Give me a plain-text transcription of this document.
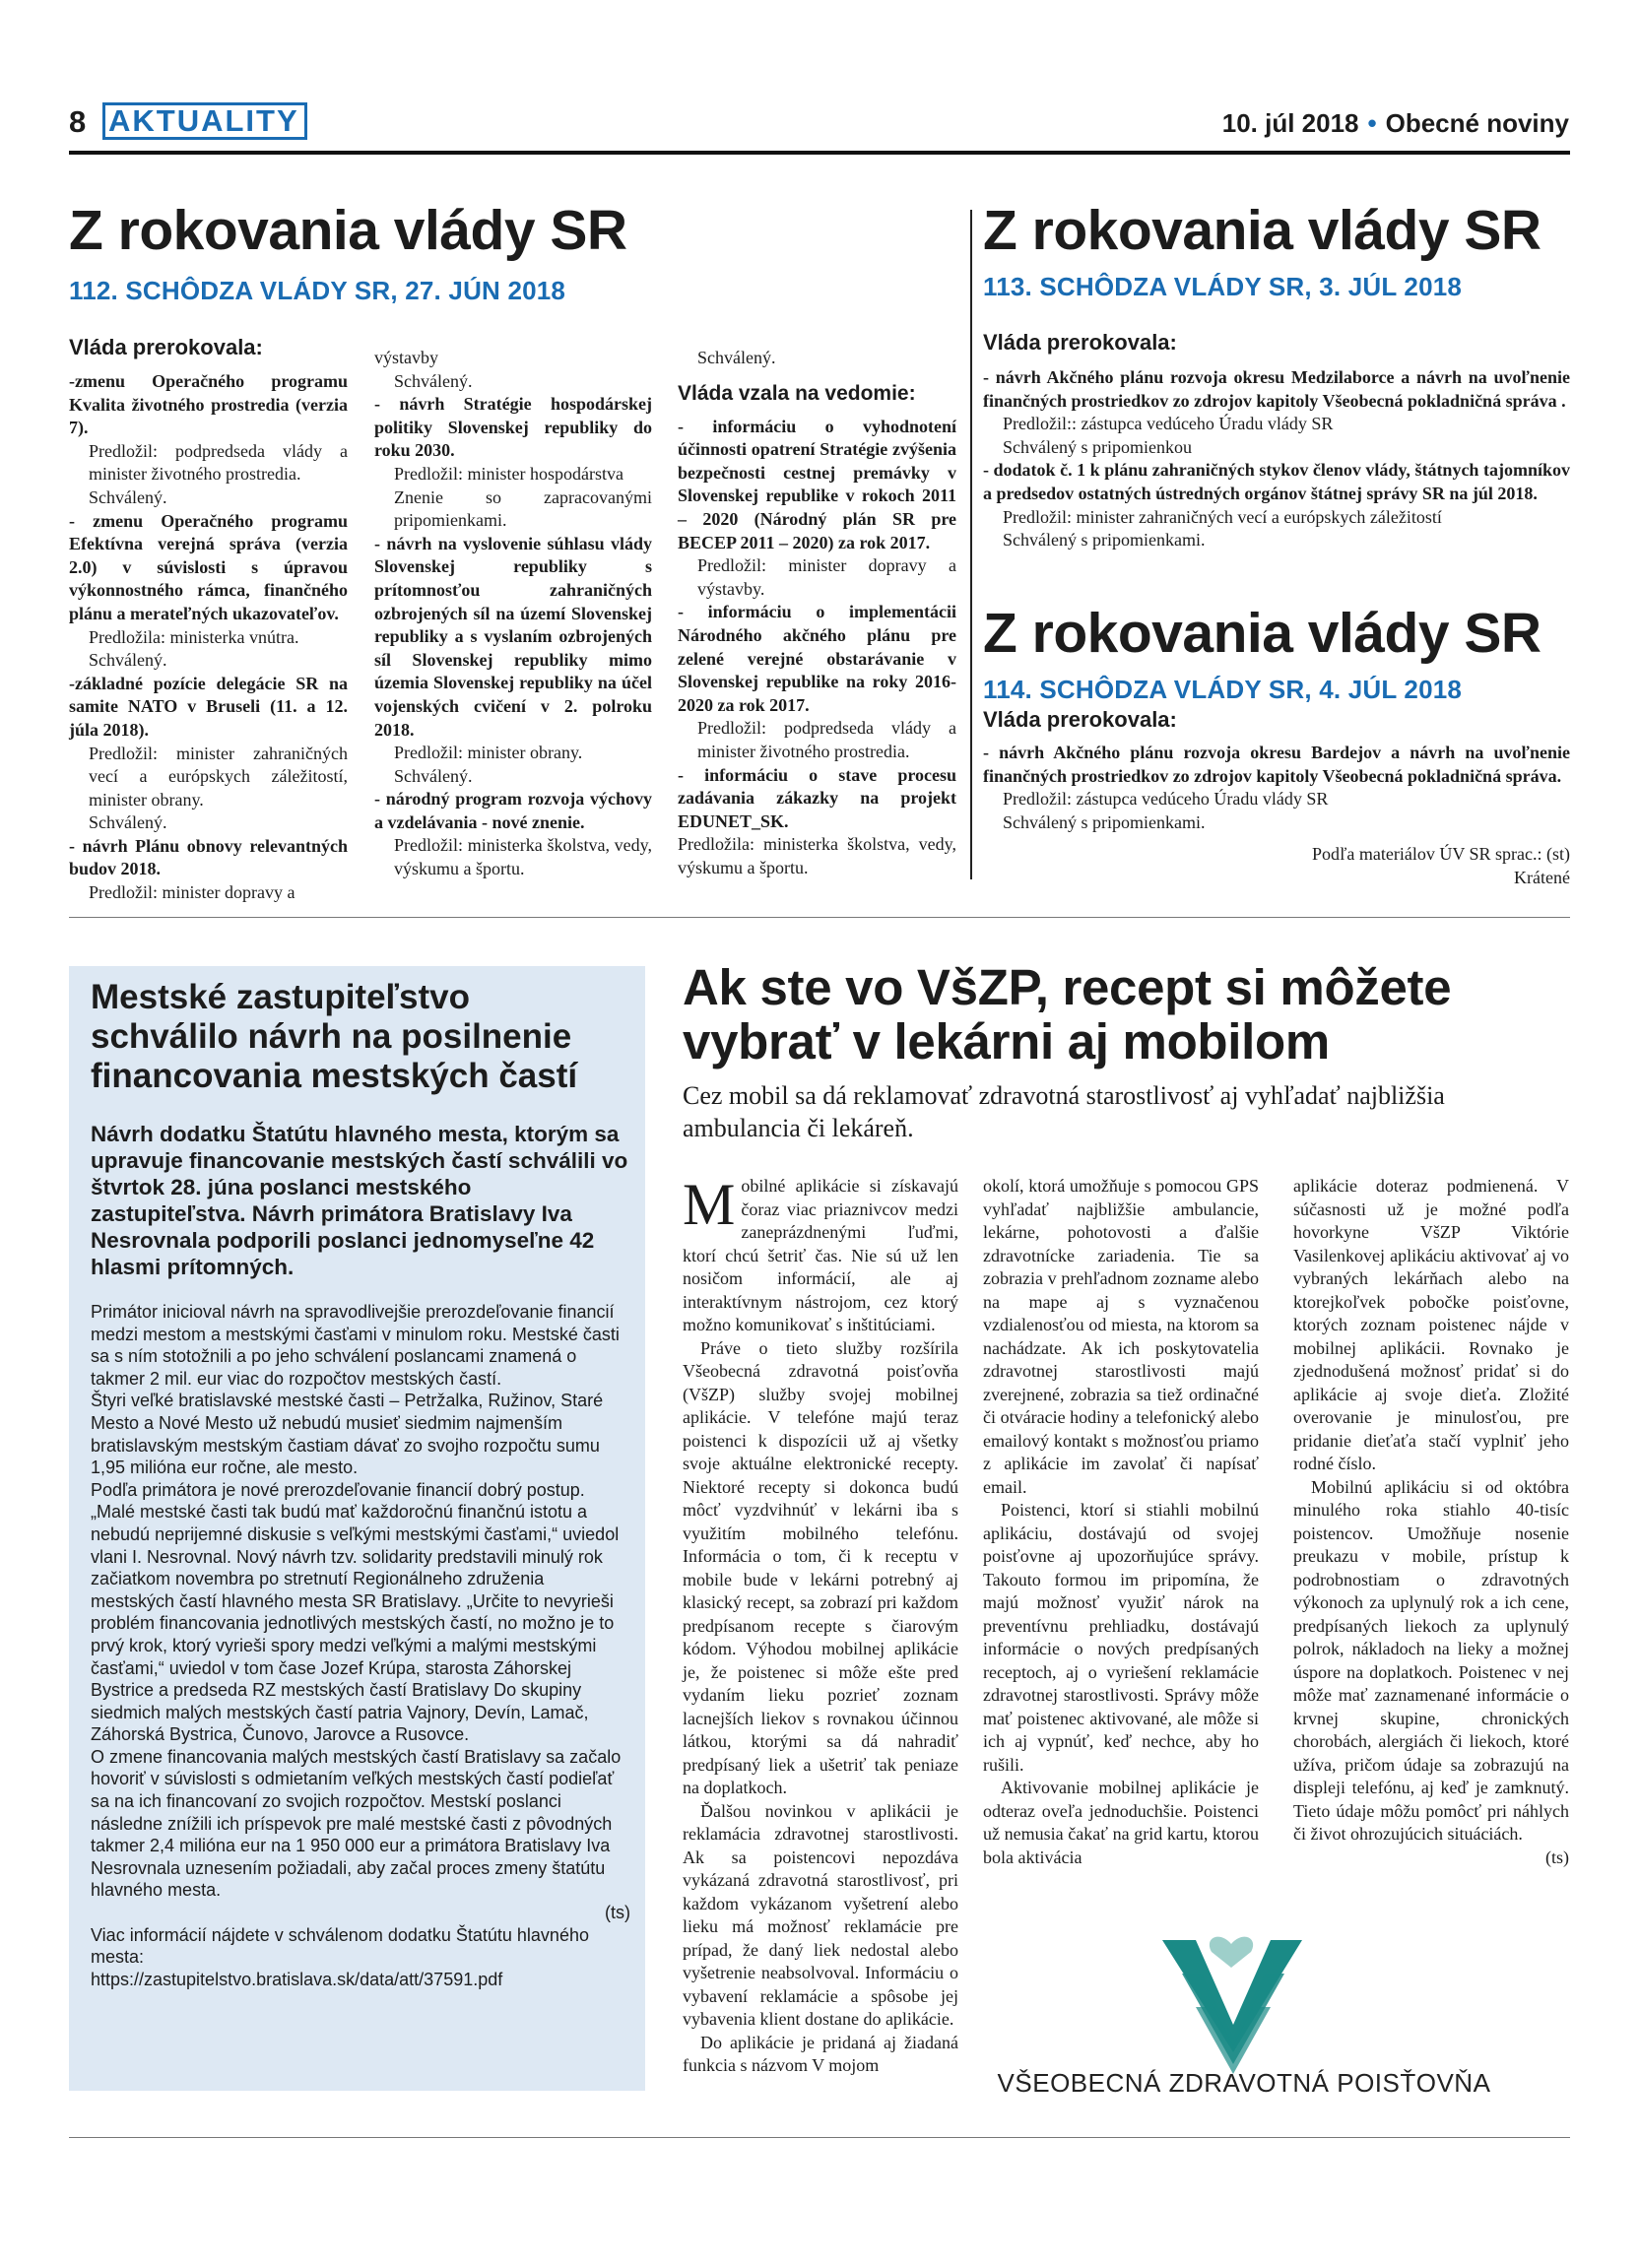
8 AKTUALITY	10. júl 2018 • Obecné noviny
Z rokovania vlády SR
112. SCHÔDZA VLÁDY SR, 27. JÚN 2018
Vláda prerokovala:

-zmenu Operačného programu Kvalita životného prostredia (verzia 7).

Predložil: podpredseda vlády a minister životného prostredia.

Schválený.

- zmenu Operačného programu Efektívna verejná správa (verzia 2.0) v súvislosti s úpravou výkonnostného rámca, finančného plánu a merateľných ukazovateľov.

Predložila: ministerka vnútra.

Schválený.

-základné pozície delegácie SR na samite NATO v Bruseli (11. a 12. júla 2018).

Predložil: minister zahraničných vecí a európskych záležitostí, minister obrany.

Schválený.

- návrh Plánu obnovy relevantných budov 2018.

Predložil: minister dopravy a

výstavby

Schválený.

- návrh Stratégie hospodárskej politiky Slovenskej republiky do roku 2030.

Predložil: minister hospodárstva

Znenie so zapracovanými pripomienkami.

- návrh na vyslovenie súhlasu vlády Slovenskej republiky s prítomnosťou zahraničných ozbrojených síl na území Slovenskej republiky a s vyslaním ozbrojených síl Slovenskej republiky mimo územia Slovenskej republiky na účel vojenských cvičení v 2. polroku 2018.

Predložil: minister obrany.

Schválený.

- národný program rozvoja výchovy a vzdelávania - nové znenie.

Predložil: ministerka školstva, vedy, výskumu a športu.

Schválený.

Vláda vzala na vedomie:

- informáciu o vyhodnotení účinnosti opatrení Stratégie zvýšenia bezpečnosti cestnej premávky v Slovenskej republike v rokoch 2011 – 2020 (Národný plán SR pre BECEP 2011 – 2020) za rok 2017.

Predložil: minister dopravy a výstavby.

- informáciu o implementácii Národného akčného plánu pre zelené verejné obstarávanie v Slovenskej republike na roky 2016-2020 za rok 2017.

Predložil: podpredseda vlády a minister životného prostredia.

- informáciu o stave procesu zadávania zákazky na projekt EDUNET_SK.

Predložila: ministerka školstva, vedy, výskumu a športu.

Z rokovania vlády SR
113. SCHÔDZA VLÁDY SR, 3. JÚL 2018
Vláda prerokovala:

- návrh Akčného plánu rozvoja okresu Medzilaborce a návrh na uvoľnenie finančných prostriedkov zo zdrojov kapitoly Všeobecná pokladničná správa .

Predložil:: zástupca vedúceho Úradu vlády SR

Schválený s pripomienkou

- dodatok č. 1 k plánu zahraničných stykov členov vlády, štátnych tajomníkov a predsedov ostatných ústredných orgánov štátnej správy SR na júl 2018.

Predložil: minister zahraničných vecí a európskych záležitostí

Schválený s pripomienkami.

Z rokovania vlády SR
114. SCHÔDZA VLÁDY SR, 4. JÚL 2018
Vláda prerokovala:

- návrh Akčného plánu rozvoja okresu Bardejov a návrh na uvoľnenie finančných prostriedkov zo zdrojov kapitoly Všeobecná pokladničná správa.

Predložil: zástupca vedúceho Úradu vlády SR

Schválený s pripomienkami.

Podľa materiálov ÚV SR sprac.: (st)
Krátené
Mestské zastupiteľstvo schválilo návrh na posilnenie financovania mestských častí
Návrh dodatku Štatútu hlavného mesta, ktorým sa upravuje financovanie mestských častí schválili vo štvrtok 28. júna poslanci mestského zastupiteľstva. Návrh primátora Bratislavy Iva Nesrovnala podporili poslanci jednomyseľne 42 hlasmi prítomných.

Primátor inicioval návrh na spravodlivejšie prerozdeľovanie financií medzi mestom a mestskými časťami v minulom roku. Mestské časti sa s ním stotožnili a po jeho schválení poslancami znamená o takmer 2 mil. eur viac do rozpočtov mestských častí.

Štyri veľké bratislavské mestské časti – Petržalka, Ružinov, Staré Mesto a Nové Mesto už nebudú musieť siedmim najmenším bratislavským mestským častiam dávať zo svojho rozpočtu sumu 1,95 milióna eur ročne, ale mesto.

Podľa primátora je nové prerozdeľovanie financií dobrý postup. „Malé mestské časti tak budú mať každoročnú finančnú istotu a nebudú neprijemné diskusie s veľkými mestskými časťami,“ uviedol vlani I. Nesrovnal. Nový návrh tzv. solidarity predstavili minulý rok začiatkom novembra po stretnutí Regionálneho združenia mestských častí hlavného mesta SR Bratislavy. „Určite to nevyrieši problém financovania jednotlivých mestských častí, no možno je to prvý krok, ktorý vyrieši spory medzi veľkými a malými mestskými časťami,“ uviedol v tom čase Jozef Krúpa, starosta Záhorskej Bystrice a predseda RZ mestských častí Bratislavy Do skupiny siedmich malých mestských častí patria Vajnory, Devín, Lamač, Záhorská Bystrica, Čunovo, Jarovce a Rusovce.

O zmene financovania malých mestských častí Bratislavy sa začalo hovoriť v súvislosti s odmietaním veľkých mestských častí podieľať sa na ich financovaní zo svojich rozpočtov. Mestskí poslanci následne znížili ich príspevok pre malé mestské časti z pôvodných takmer 2,4 milióna eur na 1 950 000 eur a primátora Bratislavy Iva Nesrovnala uznesením požiadali, aby začal proces zmeny štatútu hlavného mesta.

(ts)
Viac informácií nájdete v schválenom dodatku Štatútu hlavného mesta:
https://zastupitelstvo.bratislava.sk/data/att/37591.pdf
Ak ste vo VšZP, recept si môžete vybrať v lekárni aj mobilom
Cez mobil sa dá reklamovať zdravotná starostlivosť aj vyhľadať najbližšia ambulancia či lekáreň.
M obilné aplikácie si získavajú čoraz viac priaznivcov medzi zaneprázdnenými ľuďmi, ktorí chcú šetriť čas. Nie sú už len nosičom informácií, ale aj interaktívnym nástrojom, cez ktorý možno komunikovať s inštitúciami.

Práve o tieto služby rozšírila Všeobecná zdravotná poisťovňa (VšZP) služby svojej mobilnej aplikácie. V telefóne majú teraz poistenci k dispozícii už aj všetky svoje aktuálne elektronické recepty. Niektoré recepty si dokonca budú môcť vyzdvihnúť v lekárni iba s využitím mobilného telefónu. Informácia o tom, či k receptu v mobile bude v lekárni potrebný aj klasický recept, sa zobrazí pri každom predpísanom recepte s čiarovým kódom. Výhodou mobilnej aplikácie je, že poistenec si môže ešte pred vydaním lieku pozrieť zoznam lacnejších liekov s rovnakou účinnou látkou, ktorými sa dá nahradiť predpísaný liek a ušetriť tak peniaze na doplatkoch.

Ďalšou novinkou v aplikácii je reklamácia zdravotnej starostlivosti. Ak sa poistencovi nepozdáva vykázaná zdravotná starostlivosť, pri každom vykázanom vyšetrení alebo lieku má možnosť reklamácie pre prípad, že daný liek nedostal alebo vyšetrenie neabsolvoval. Informáciu o vybavení reklamácie a spôsobe jej vybavenia klient dostane do aplikácie.

Do aplikácie je pridaná aj žiadaná funkcia s názvom V mojom

okolí, ktorá umožňuje s pomocou GPS vyhľadať najbližšie ambulancie, lekárne, pohotovosti a ďalšie zdravotnícke zariadenia. Tie sa zobrazia v prehľadnom zozname alebo na mape aj s vyznačenou vzdialenosťou od miesta, na ktorom sa nachádzate. Ak ich poskytovatelia zdravotnej starostlivosti majú zverejnené, zobrazia sa tiež ordinačné či otváracie hodiny a telefonický alebo emailový kontakt s možnosťou priamo z aplikácie im zavolať či napísať email.

Poistenci, ktorí si stiahli mobilnú aplikáciu, dostávajú od svojej poisťovne aj upozorňujúce správy. Takouto formou im pripomína, že majú možnosť využiť nárok na preventívnu prehliadku, dostávajú informácie o nových predpísaných receptoch, aj o vyriešení reklamácie zdravotnej starostlivosti. Správy môže mať poistenec aktivované, ale môže si ich aj vypnúť, keď nechce, aby ho rušili.

Aktivovanie mobilnej aplikácie je odteraz oveľa jednoduchšie. Poistenci už nemusia čakať na grid kartu, ktorou bola aktivácia

aplikácie doteraz podmienená. V súčasnosti už je možné podľa hovorkyne VšZP Viktórie Vasilenkovej aplikáciu aktivovať aj vo vybraných lekárňach alebo na ktorejkoľvek pobočke poisťovne, ktorých zoznam poistenec nájde v mobilnej aplikácii. Rovnako je zjednodušená možnosť pridať si do aplikácie aj svoje dieťa. Zložité overovanie je minulosťou, pre pridanie dieťaťa stačí vyplniť jeho rodné číslo.

Mobilnú aplikáciu si od októbra minulého roka stiahlo 40-tisíc poistencov. Umožňuje nosenie preukazu v mobile, prístup k podrobnostiam o zdravotných výkonoch za uplynulý rok a ich cene, predpísaných liekoch za uplynulý polrok, nákladoch na lieky a možnej úspore na doplatkoch. Poistenec v nej môže mať zaznamenané informácie o krvnej skupine, chronických chorobách, alergiách či liekoch, ktoré užíva, pričom údaje sa zobrazujú na displeji telefónu, aj keď je zamknutý. Tieto údaje môžu pomôcť pri náhlych či život ohrozujúcich situáciách.

(ts)
VŠEOBECNÁ ZDRAVOTNÁ POISŤOVŇA
